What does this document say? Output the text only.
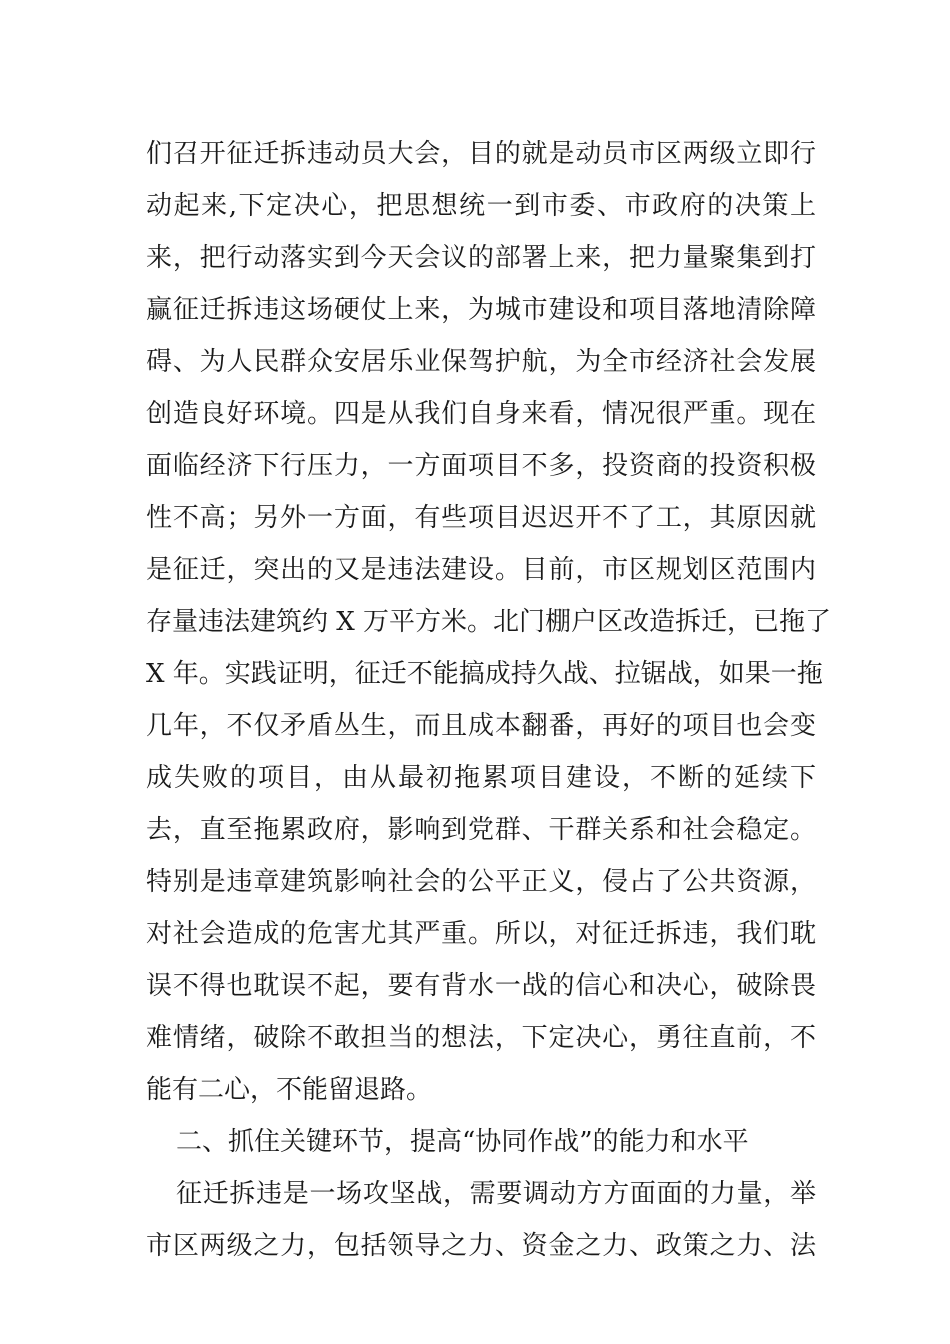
们召开征迁拆违动员大会，目的就是动员市区两级立即行
动起来,下定决心，把思想统一到市委、市政府的决策上
来，把行动落实到今天会议的部署上来，把力量聚集到打
赢征迁拆违这场硬仗上来，为城市建设和项目落地清除障
碍、为人民群众安居乐业保驾护航，为全市经济社会发展
创造良好环境。四是从我们自身来看，情况很严重。现在
面临经济下行压力，一方面项目不多，投资商的投资积极
性不高；另外一方面，有些项目迟迟开不了工，其原因就
是征迁，突出的又是违法建设。目前，市区规划区范围内
存量违法建筑约 X 万平方米。北门棚户区改造拆迁，已拖了
X 年。实践证明，征迁不能搞成持久战、拉锯战，如果一拖
几年，不仅矛盾丛生，而且成本翻番，再好的项目也会变
成失败的项目，由从最初拖累项目建设，不断的延续下
去，直至拖累政府，影响到党群、干群关系和社会稳定。
特别是违章建筑影响社会的公平正义，侵占了公共资源，
对社会造成的危害尤其严重。所以，对征迁拆违，我们耽
误不得也耽误不起，要有背水一战的信心和决心，破除畏
难情绪，破除不敢担当的想法，下定决心，勇往直前，不
能有二心，不能留退路。
二、抓住关键环节，提高“协同作战”的能力和水平
征迁拆违是一场攻坚战，需要调动方方面面的力量，举
市区两级之力，包括领导之力、资金之力、政策之力、法
